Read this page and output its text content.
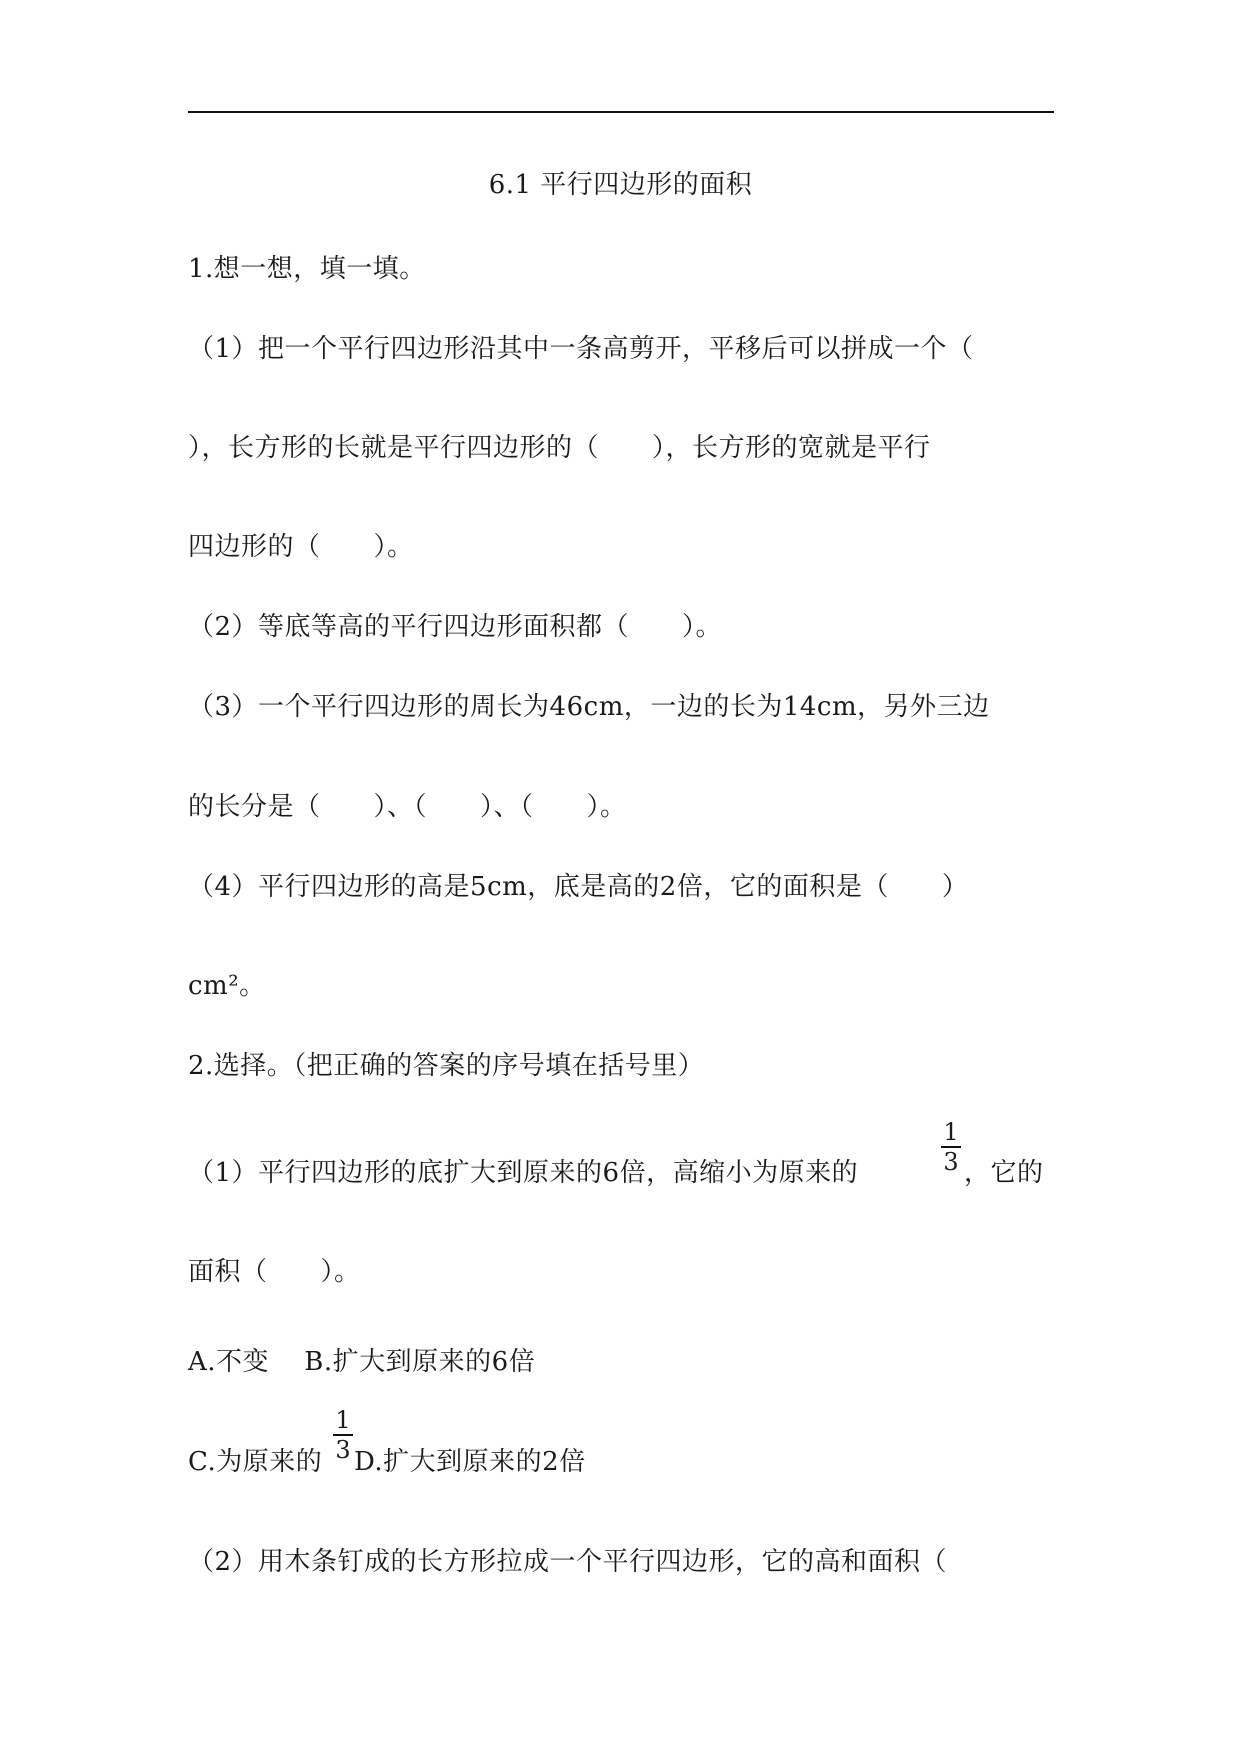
6.1 平行四边形的面积
1.想一想，填一填。
（1）把一个平行四边形沿其中一条高剪开，平移后可以拼成一个（
），长方形的长就是平行四边形的（　　），长方形的宽就是平行
四边形的（　　）。
（2）等底等高的平行四边形面积都（　　）。
（3）一个平行四边形的周长为46cm，一边的长为14cm，另外三边
的长分是（　　）、（　　）、（　　）。
（4）平行四边形的高是5cm，底是高的2倍，它的面积是（　　）
cm²。
2.选择。（把正确的答案的序号填在括号里）
（1）平行四边形的底扩大到原来的6倍，高缩小为原来的
1
3 ，它的
面积（　　）。
A.不变　 B.扩大到原来的6倍
C.为原来的
1
3 D.扩大到原来的2倍
（2）用木条钉成的长方形拉成一个平行四边形，它的高和面积（
